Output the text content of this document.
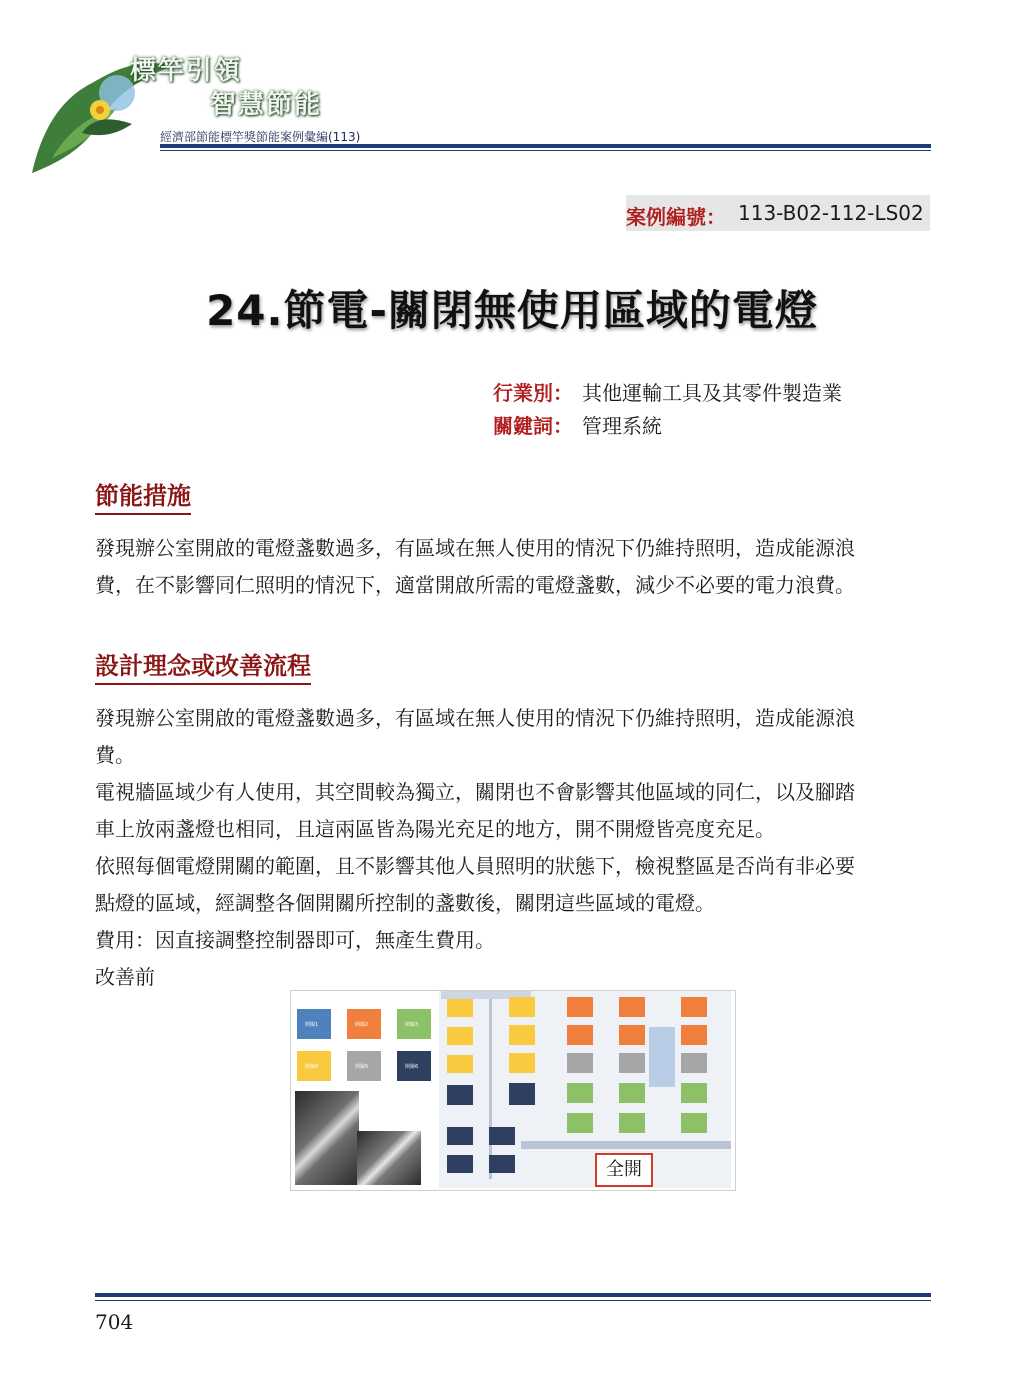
標竿引領
智慧節能
經濟部節能標竿獎節能案例彙編(113)
案例編號： 113-B02-112-LS02
24.節電-關閉無使用區域的電燈
行業別： 其他運輸工具及其零件製造業
關鍵詞： 管理系統
節能措施
發現辦公室開啟的電燈盞數過多，有區域在無人使用的情況下仍維持照明，造成能源浪
費，在不影響同仁照明的情況下，適當開啟所需的電燈盞數，減少不必要的電力浪費。
設計理念或改善流程
發現辦公室開啟的電燈盞數過多，有區域在無人使用的情況下仍維持照明，造成能源浪
費。
電視牆區域少有人使用，其空間較為獨立，關閉也不會影響其他區域的同仁，以及腳踏
車上放兩盞燈也相同，且這兩區皆為陽光充足的地方，開不開燈皆亮度充足。
依照每個電燈開關的範圍，且不影響其他人員照明的狀態下，檢視整區是否尚有非必要
點燈的區域，經調整各個開關所控制的盞數後，關閉這些區域的電燈。
費用：因直接調整控制器即可，無產生費用。
改善前
開關1	開關2	開關3
開關4	開關5	開關6
全開
704
